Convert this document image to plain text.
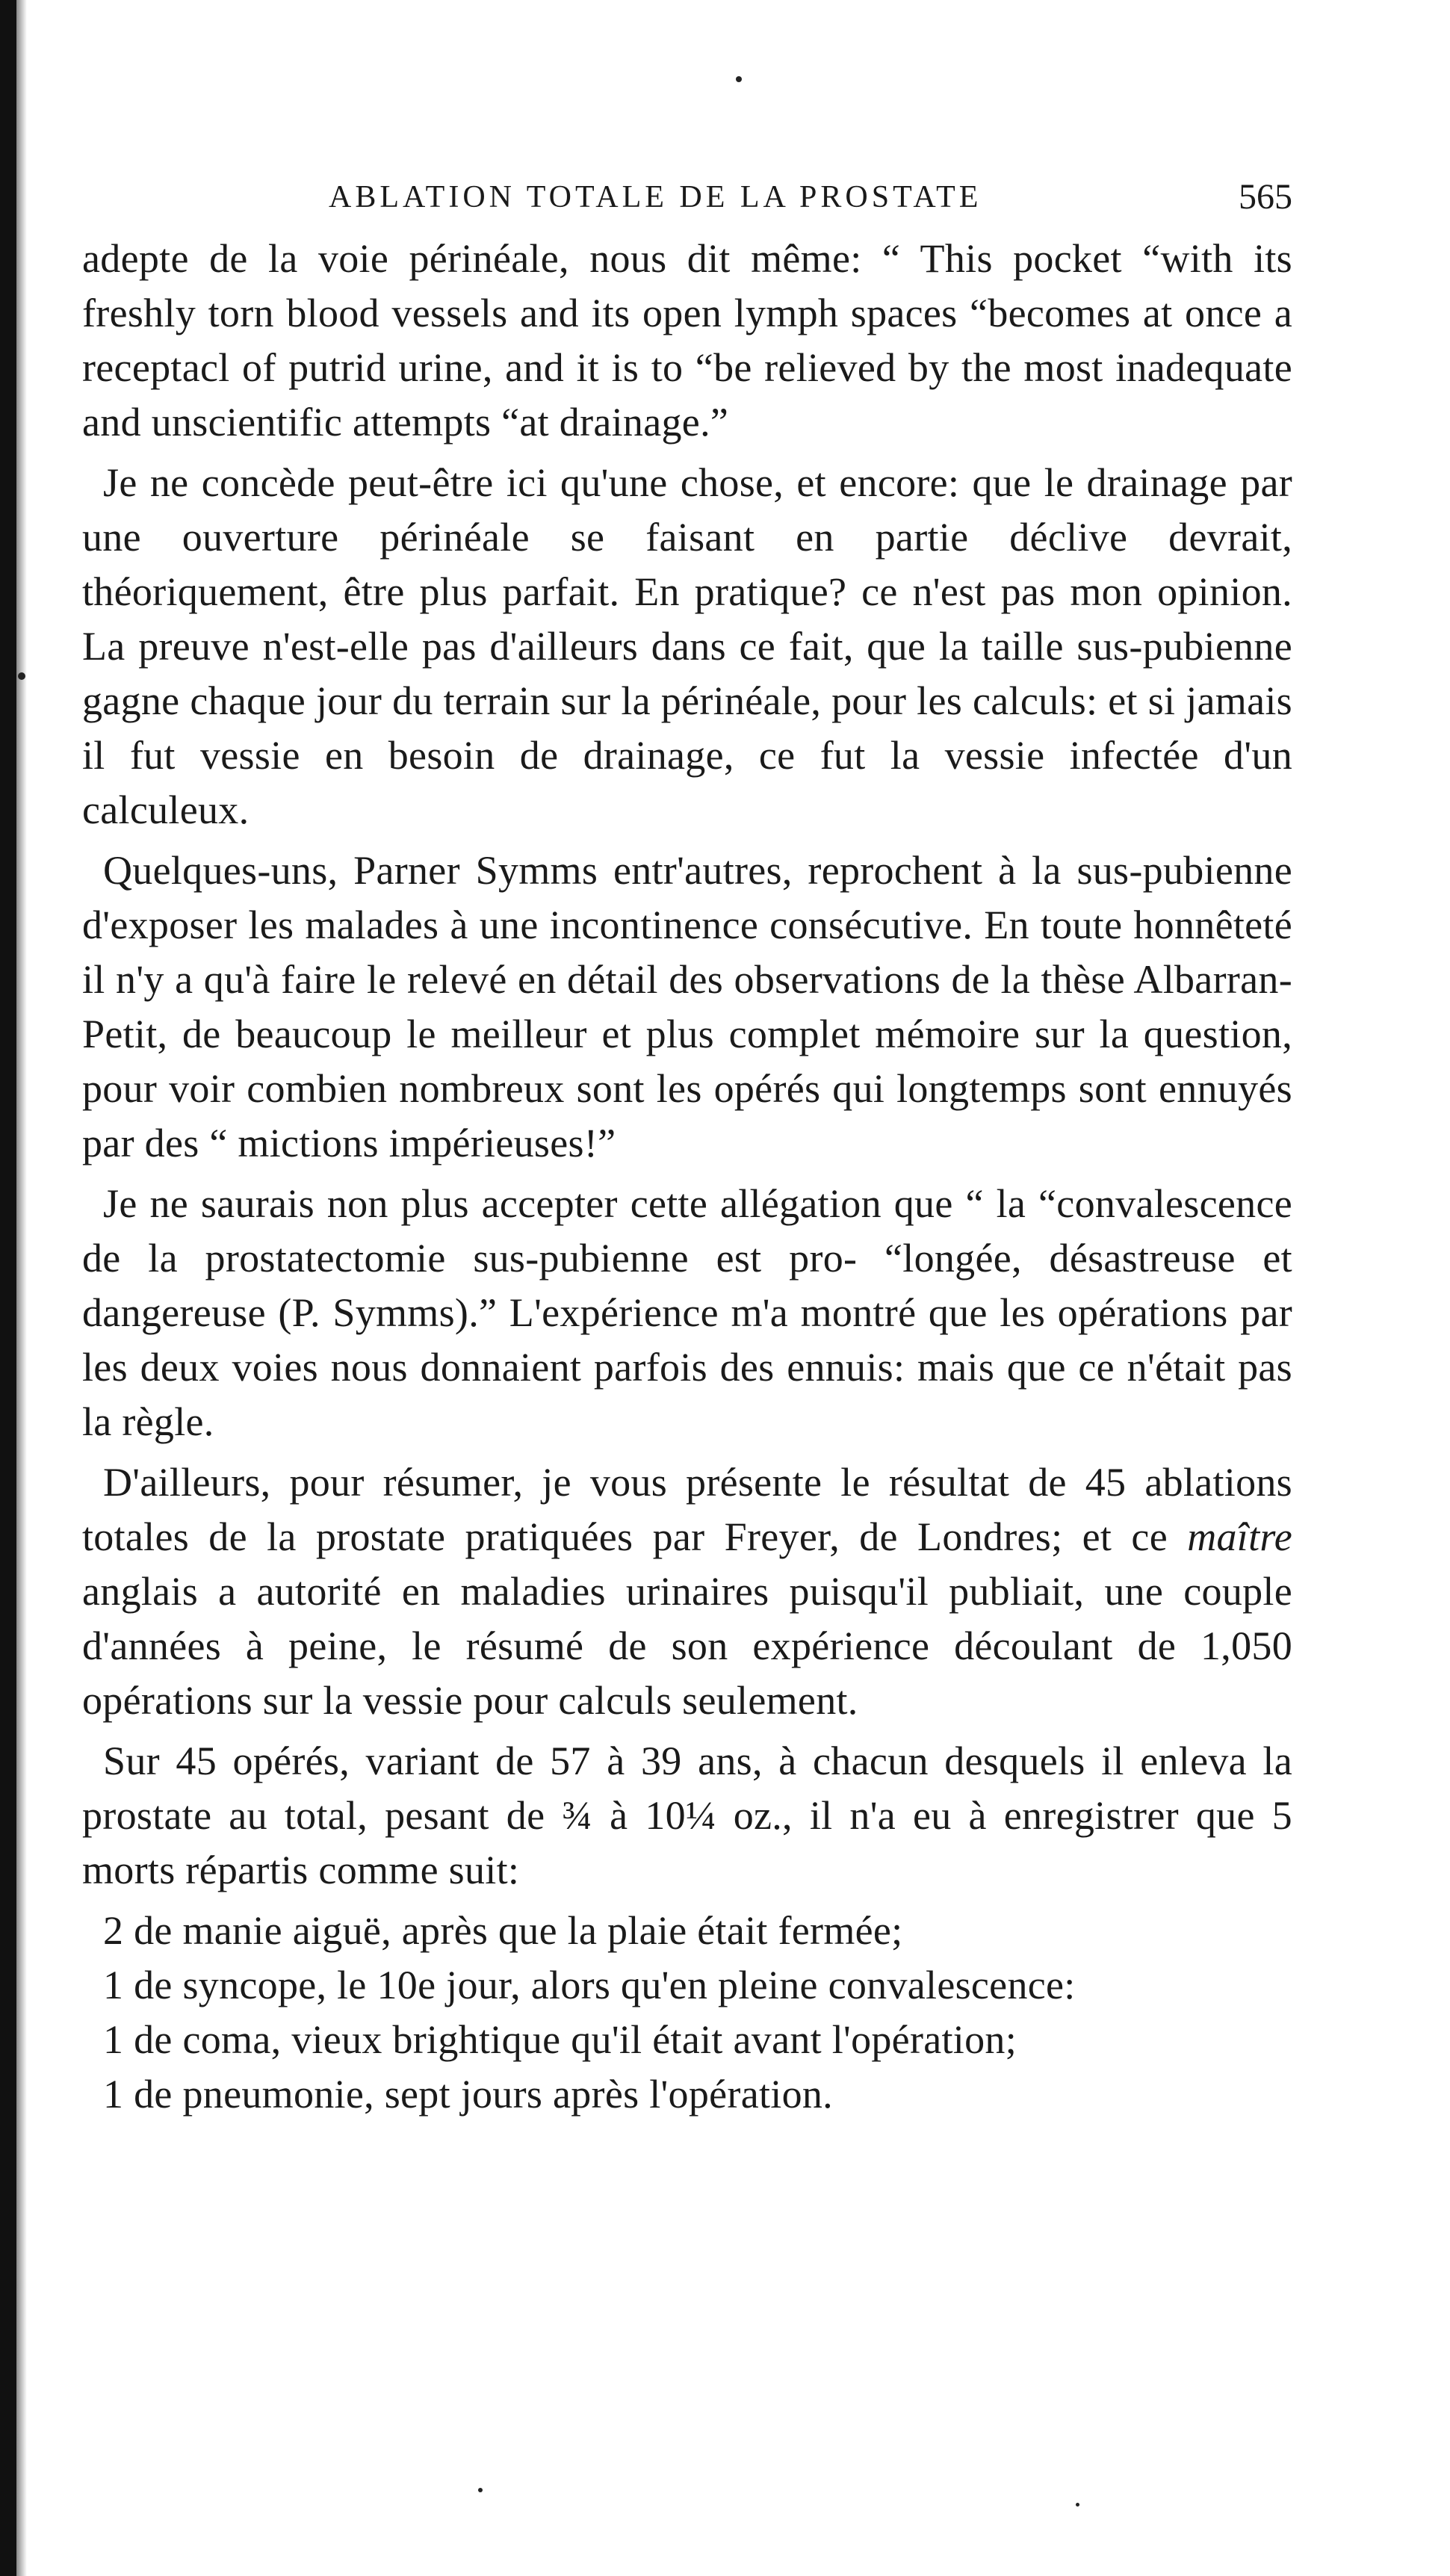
ABLATION TOTALE DE LA PROSTATE	565

adepte de la voie périnéale, nous dit même: “ This pocket “with its freshly torn blood vessels and its open lymph spaces “becomes at once a receptacl of putrid urine, and it is to “be relieved by the most inadequate and unscientific attempts “at drainage.”

Je ne concède peut-être ici qu'une chose, et encore: que le drainage par une ouverture périnéale se faisant en partie déclive devrait, théoriquement, être plus parfait. En pratique? ce n'est pas mon opinion. La preuve n'est-elle pas d'ailleurs dans ce fait, que la taille sus-pubienne gagne chaque jour du terrain sur la périnéale, pour les calculs: et si jamais il fut vessie en besoin de drainage, ce fut la vessie infectée d'un calculeux.

Quelques-uns, Parner Symms entr'autres, reprochent à la sus-pubienne d'exposer les malades à une incontinence consécutive. En toute honnêteté il n'y a qu'à faire le relevé en détail des observations de la thèse Albarran-Petit, de beaucoup le meilleur et plus complet mémoire sur la question, pour voir combien nombreux sont les opérés qui longtemps sont ennuyés par des “ mictions impérieuses!”

Je ne saurais non plus accepter cette allégation que “ la “convalescence de la prostatectomie sus-pubienne est pro- “longée, désastreuse et dangereuse (P. Symms).” L'expérience m'a montré que les opérations par les deux voies nous donnaient parfois des ennuis: mais que ce n'était pas la règle.

D'ailleurs, pour résumer, je vous présente le résultat de 45 ablations totales de la prostate pratiquées par Freyer, de Londres; et ce maître anglais a autorité en maladies urinaires puisqu'il publiait, une couple d'années à peine, le résumé de son expérience découlant de 1,050 opérations sur la vessie pour calculs seulement.

Sur 45 opérés, variant de 57 à 39 ans, à chacun desquels il enleva la prostate au total, pesant de ¾ à 10¼ oz., il n'a eu à enregistrer que 5 morts répartis comme suit:

2 de manie aiguë, après que la plaie était fermée;
1 de syncope, le 10e jour, alors qu'en pleine convalescence:
1 de coma, vieux brightique qu'il était avant l'opération;
1 de pneumonie, sept jours après l'opération.
